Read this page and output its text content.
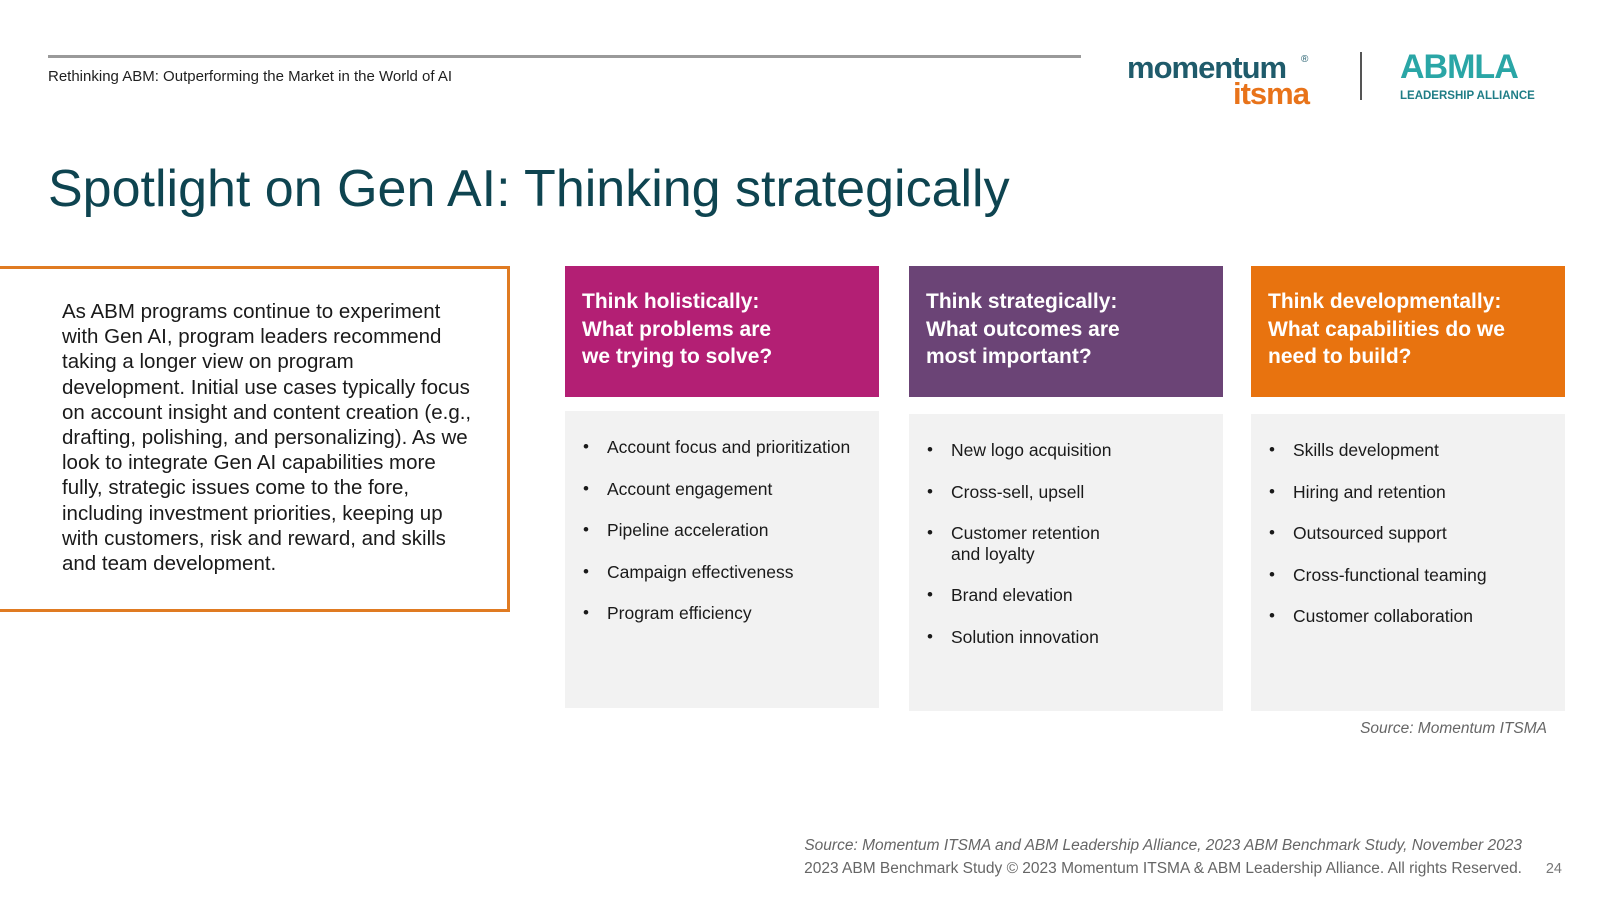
Rethinking ABM: Outperforming the Market in the World of AI	momentum ®
itsma
ABMLA
LEADERSHIP ALLIANCE
Spotlight on Gen AI: Thinking strategically
As ABM programs continue to experiment with Gen AI, program leaders recommend taking a longer view on program development. Initial use cases typically focus on account insight and content creation (e.g., drafting, polishing, and personalizing). As we look to integrate Gen AI capabilities more fully, strategic issues come to the fore, including investment priorities, keeping up with customers, risk and reward, and skills and team development.
Think holistically:
What problems are
we trying to solve?
• Account focus and prioritization
• Account engagement
• Pipeline acceleration
• Campaign effectiveness
• Program efficiency
Think strategically:
What outcomes are
most important?
• New logo acquisition
• Cross-sell, upsell
• Customer retention and loyalty
• Brand elevation
• Solution innovation
Think developmentally:
What capabilities do we
need to build?
• Skills development
• Hiring and retention
• Outsourced support
• Cross-functional teaming
• Customer collaboration
Source: Momentum ITSMA
Source: Momentum ITSMA and ABM Leadership Alliance, 2023 ABM Benchmark Study, November 2023
2023 ABM Benchmark Study © 2023 Momentum ITSMA & ABM Leadership Alliance. All rights Reserved. 24
